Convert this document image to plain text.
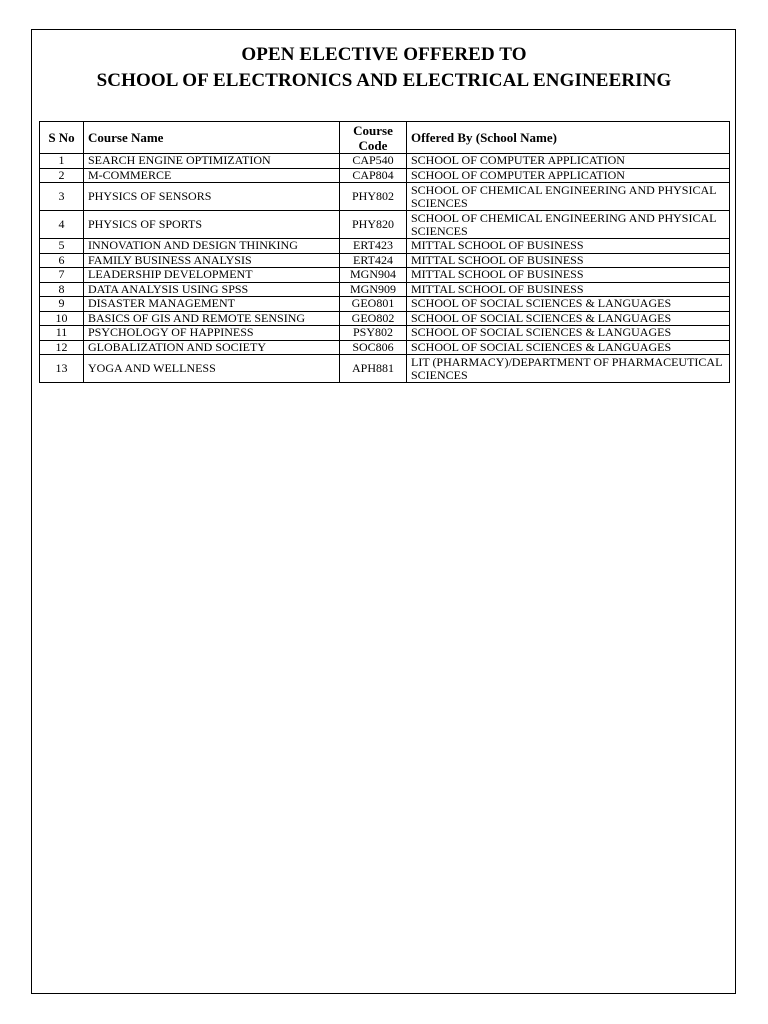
OPEN ELECTIVE OFFERED TO
SCHOOL OF ELECTRONICS AND ELECTRICAL ENGINEERING
S No	Course Name	Course Code	Offered By (School Name)
1	SEARCH ENGINE OPTIMIZATION	CAP540	SCHOOL OF COMPUTER APPLICATION
2	M-COMMERCE	CAP804	SCHOOL OF COMPUTER APPLICATION
3	PHYSICS OF SENSORS	PHY802	SCHOOL OF CHEMICAL ENGINEERING AND PHYSICAL SCIENCES
4	PHYSICS OF SPORTS	PHY820	SCHOOL OF CHEMICAL ENGINEERING AND PHYSICAL SCIENCES
5	INNOVATION AND DESIGN THINKING	ERT423	MITTAL SCHOOL OF BUSINESS
6	FAMILY BUSINESS ANALYSIS	ERT424	MITTAL SCHOOL OF BUSINESS
7	LEADERSHIP DEVELOPMENT	MGN904	MITTAL SCHOOL OF BUSINESS
8	DATA ANALYSIS USING SPSS	MGN909	MITTAL SCHOOL OF BUSINESS
9	DISASTER MANAGEMENT	GEO801	SCHOOL OF SOCIAL SCIENCES & LANGUAGES
10	BASICS OF GIS AND REMOTE SENSING	GEO802	SCHOOL OF SOCIAL SCIENCES & LANGUAGES
11	PSYCHOLOGY OF HAPPINESS	PSY802	SCHOOL OF SOCIAL SCIENCES & LANGUAGES
12	GLOBALIZATION AND SOCIETY	SOC806	SCHOOL OF SOCIAL SCIENCES & LANGUAGES
13	YOGA AND WELLNESS	APH881	LIT (PHARMACY)/DEPARTMENT OF PHARMACEUTICAL SCIENCES
